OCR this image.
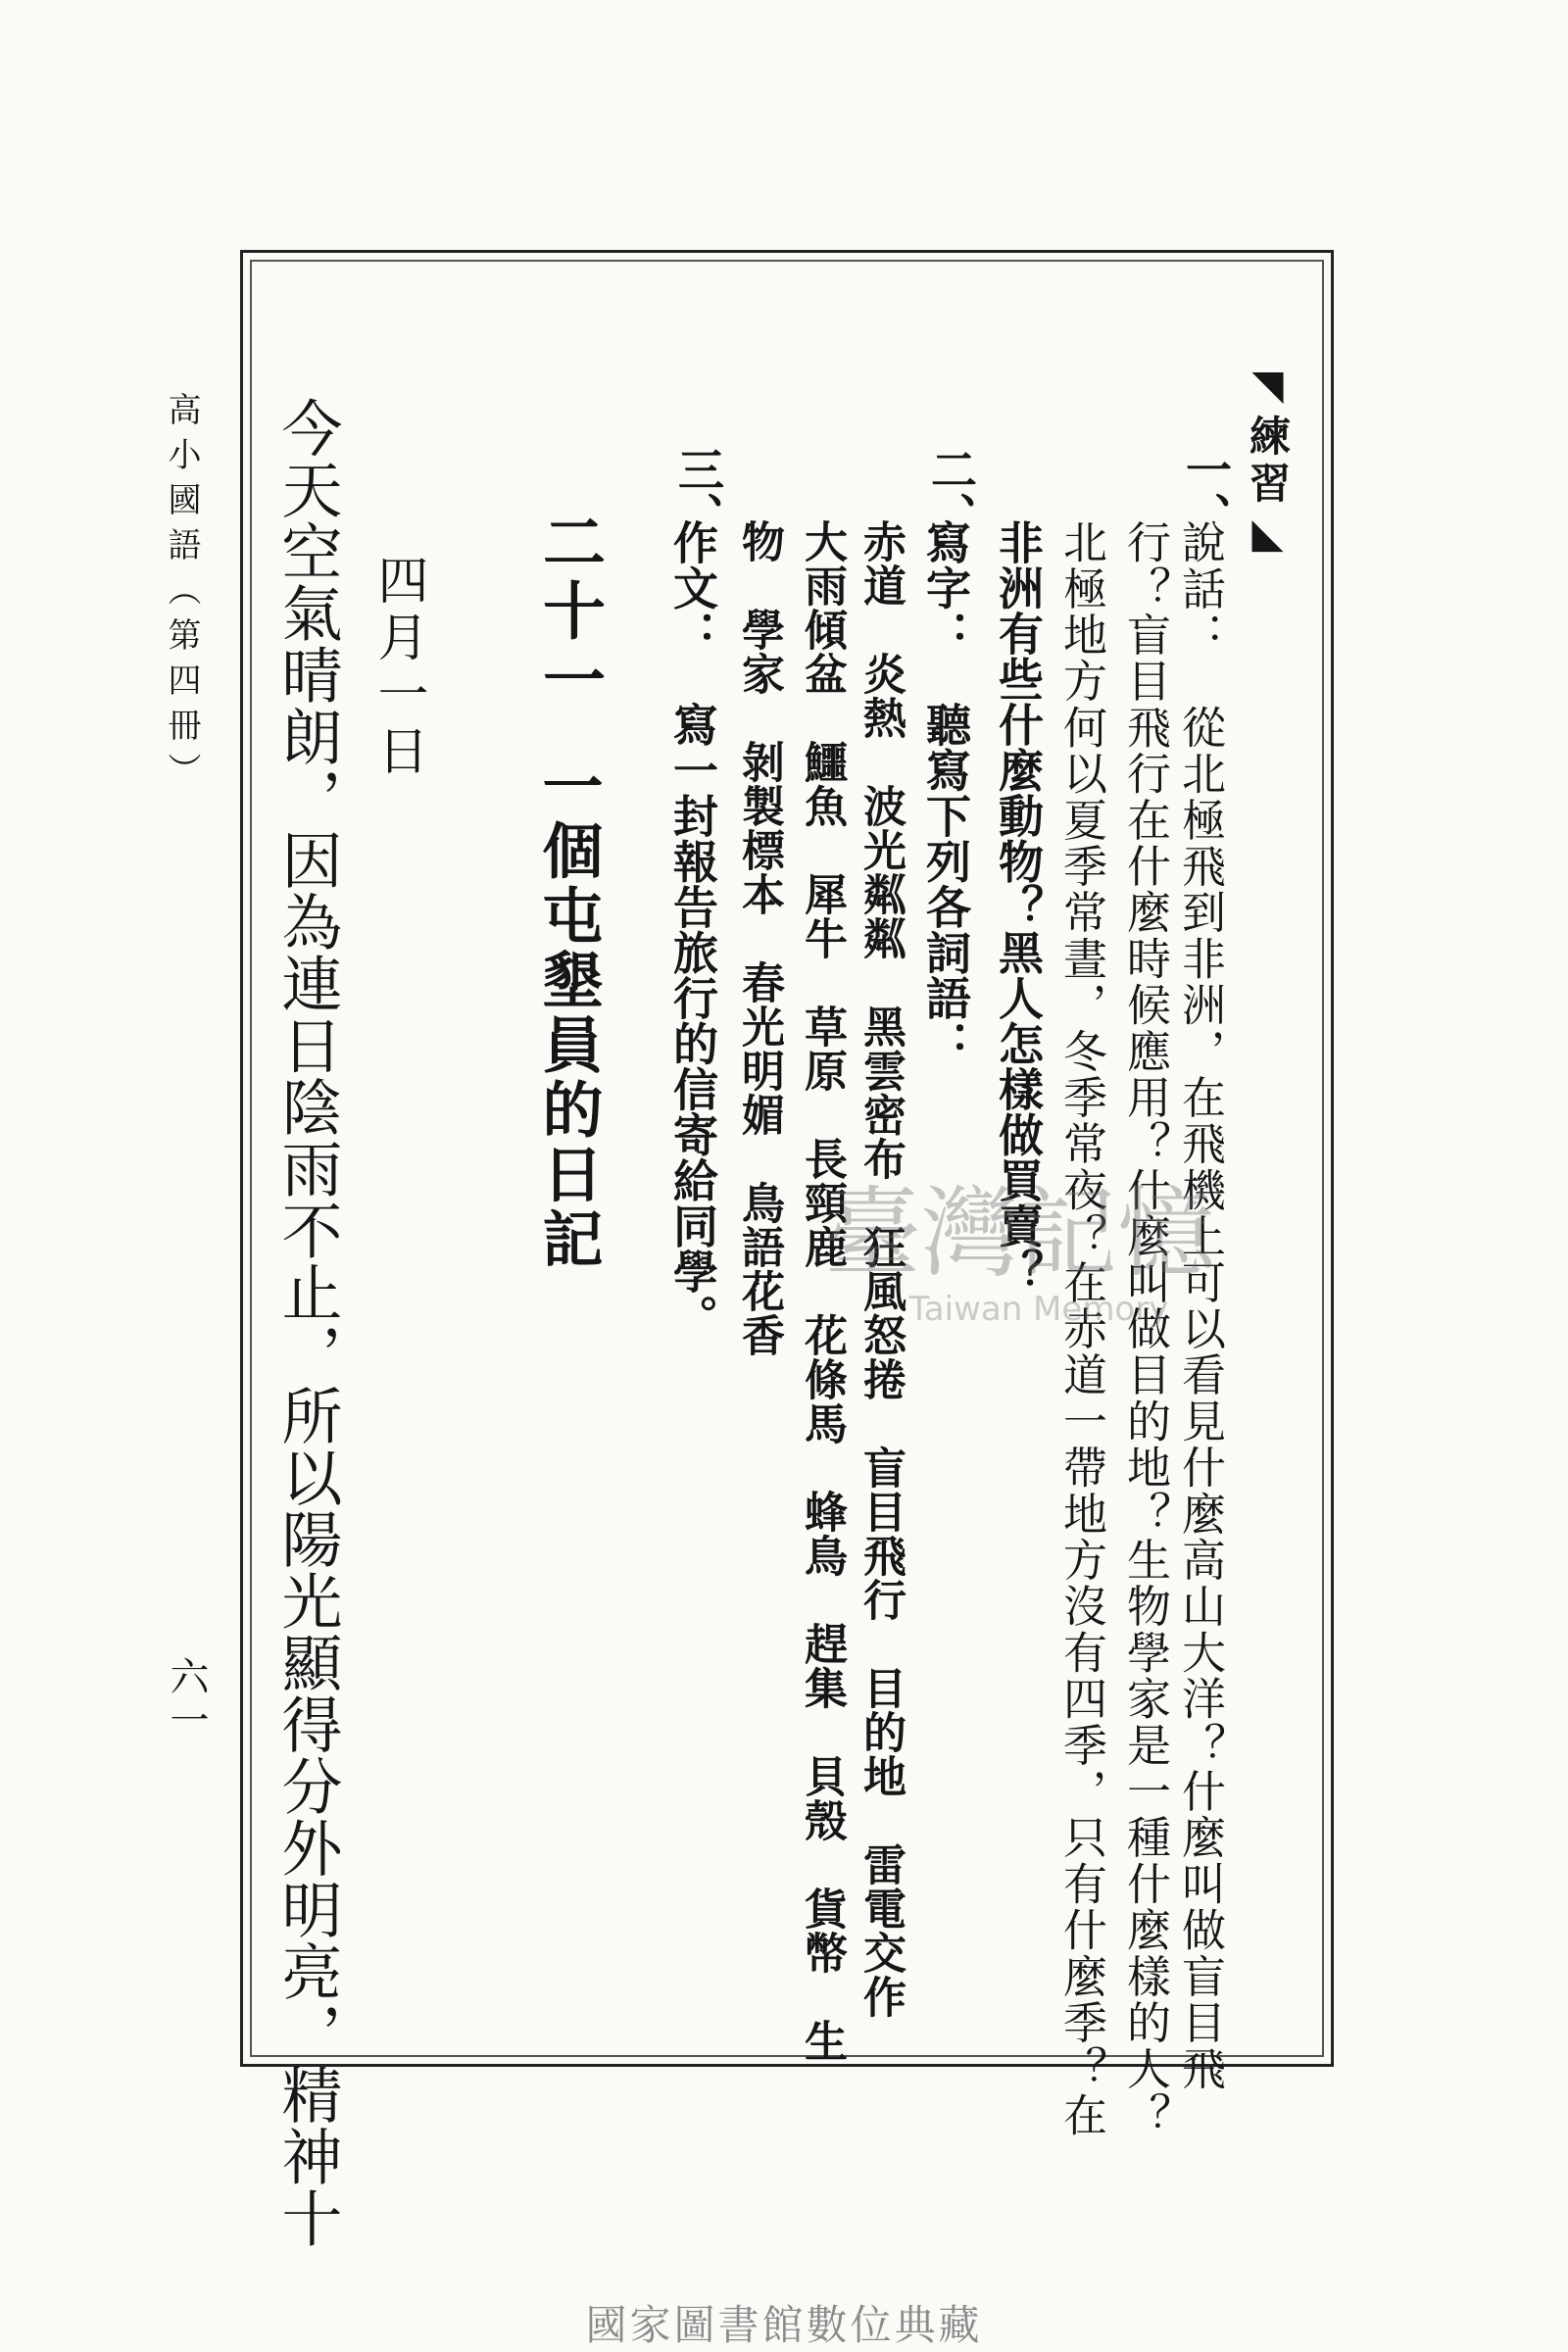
高小國語（第四冊）
六一
◥練習◣
一、
說話：　從北極飛到非洲，在飛機上可以看見什麼高山大洋？什麼叫做盲目飛
行？盲目飛行在什麼時候應用？什麼叫做目的地？生物學家是一種什麼樣的人？
北極地方何以夏季常晝，冬季常夜？在赤道一帶地方沒有四季，只有什麼季？在
非洲有些什麼動物？黑人怎樣做買賣？
二、
寫字：　聽寫下列各詞語：
赤道　炎熱　波光粼粼　黑雲密布　狂風怒捲　盲目飛行　目的地　雷電交作
大雨傾盆　鱷魚　犀牛　草原　長頸鹿　花條馬　蜂鳥　趕集　貝殼　貨幣　生
物　學家　剝製標本　春光明媚　鳥語花香
三、
作文：　寫一封報告旅行的信寄給同學。
二十一
一個屯墾員的日記
四月一日
今天空氣晴朗，因為連日陰雨不止，所以陽光顯得分外明亮，精神十	臺灣記憶
Taiwan Memory
國家圖書館數位典藏
